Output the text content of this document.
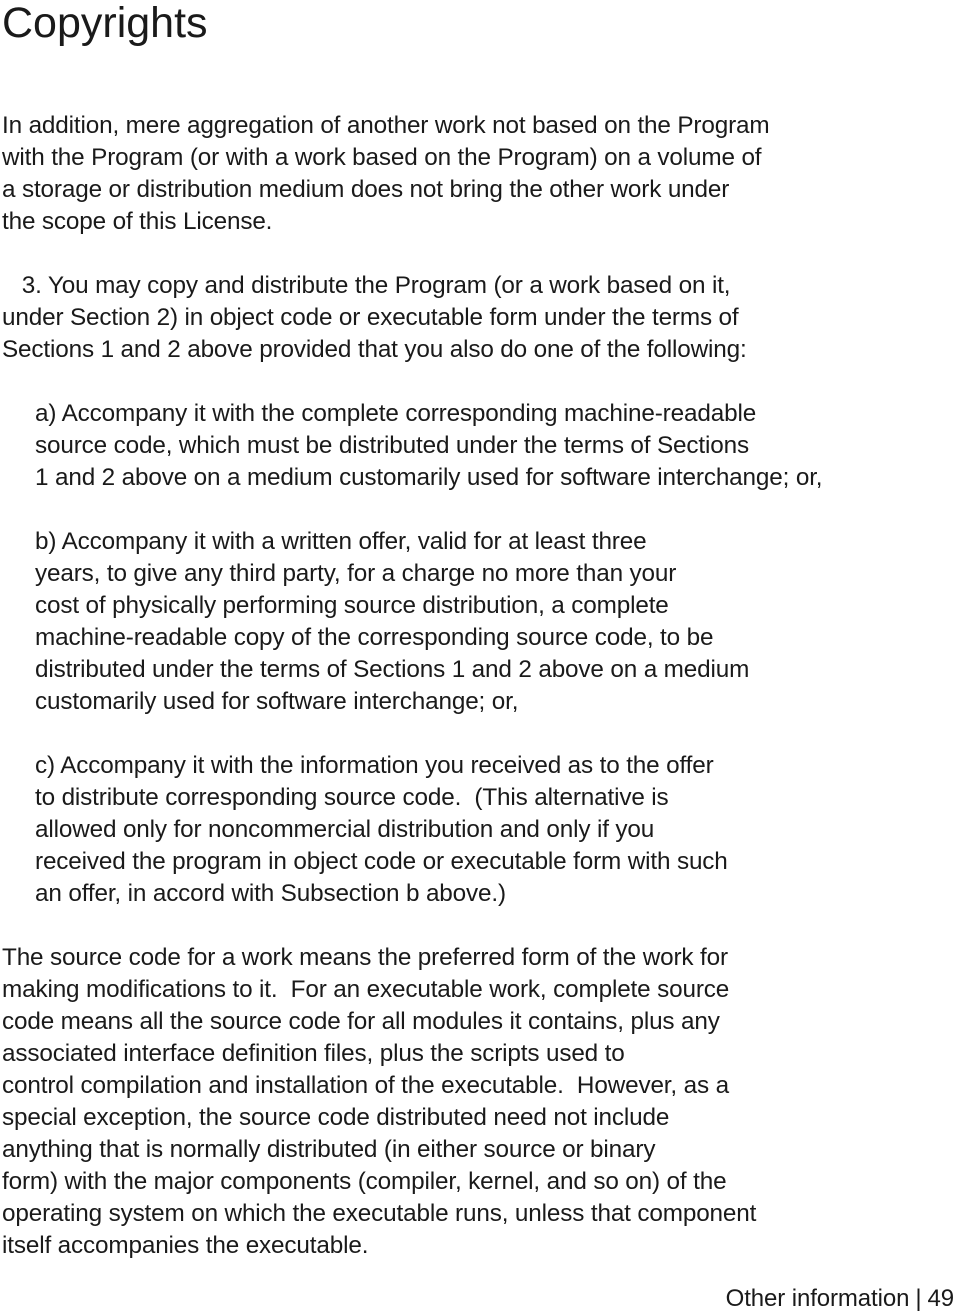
Copyrights
In addition, mere aggregation of another work not based on the Program
with the Program (or with a work based on the Program) on a volume of
a storage or distribution medium does not bring the other work under
the scope of this License.
3. You may copy and distribute the Program (or a work based on it,
under Section 2) in object code or executable form under the terms of
Sections 1 and 2 above provided that you also do one of the following:
a) Accompany it with the complete corresponding machine-readable
source code, which must be distributed under the terms of Sections
1 and 2 above on a medium customarily used for software interchange; or,
b) Accompany it with a written offer, valid for at least three
years, to give any third party, for a charge no more than your
cost of physically performing source distribution, a complete
machine-readable copy of the corresponding source code, to be
distributed under the terms of Sections 1 and 2 above on a medium
customarily used for software interchange; or,
c) Accompany it with the information you received as to the offer
to distribute corresponding source code.  (This alternative is
allowed only for noncommercial distribution and only if you
received the program in object code or executable form with such
an offer, in accord with Subsection b above.)
The source code for a work means the preferred form of the work for
making modifications to it.  For an executable work, complete source
code means all the source code for all modules it contains, plus any
associated interface definition files, plus the scripts used to
control compilation and installation of the executable.  However, as a
special exception, the source code distributed need not include
anything that is normally distributed (in either source or binary
form) with the major components (compiler, kernel, and so on) of the
operating system on which the executable runs, unless that component
itself accompanies the executable.
Other information | 49
